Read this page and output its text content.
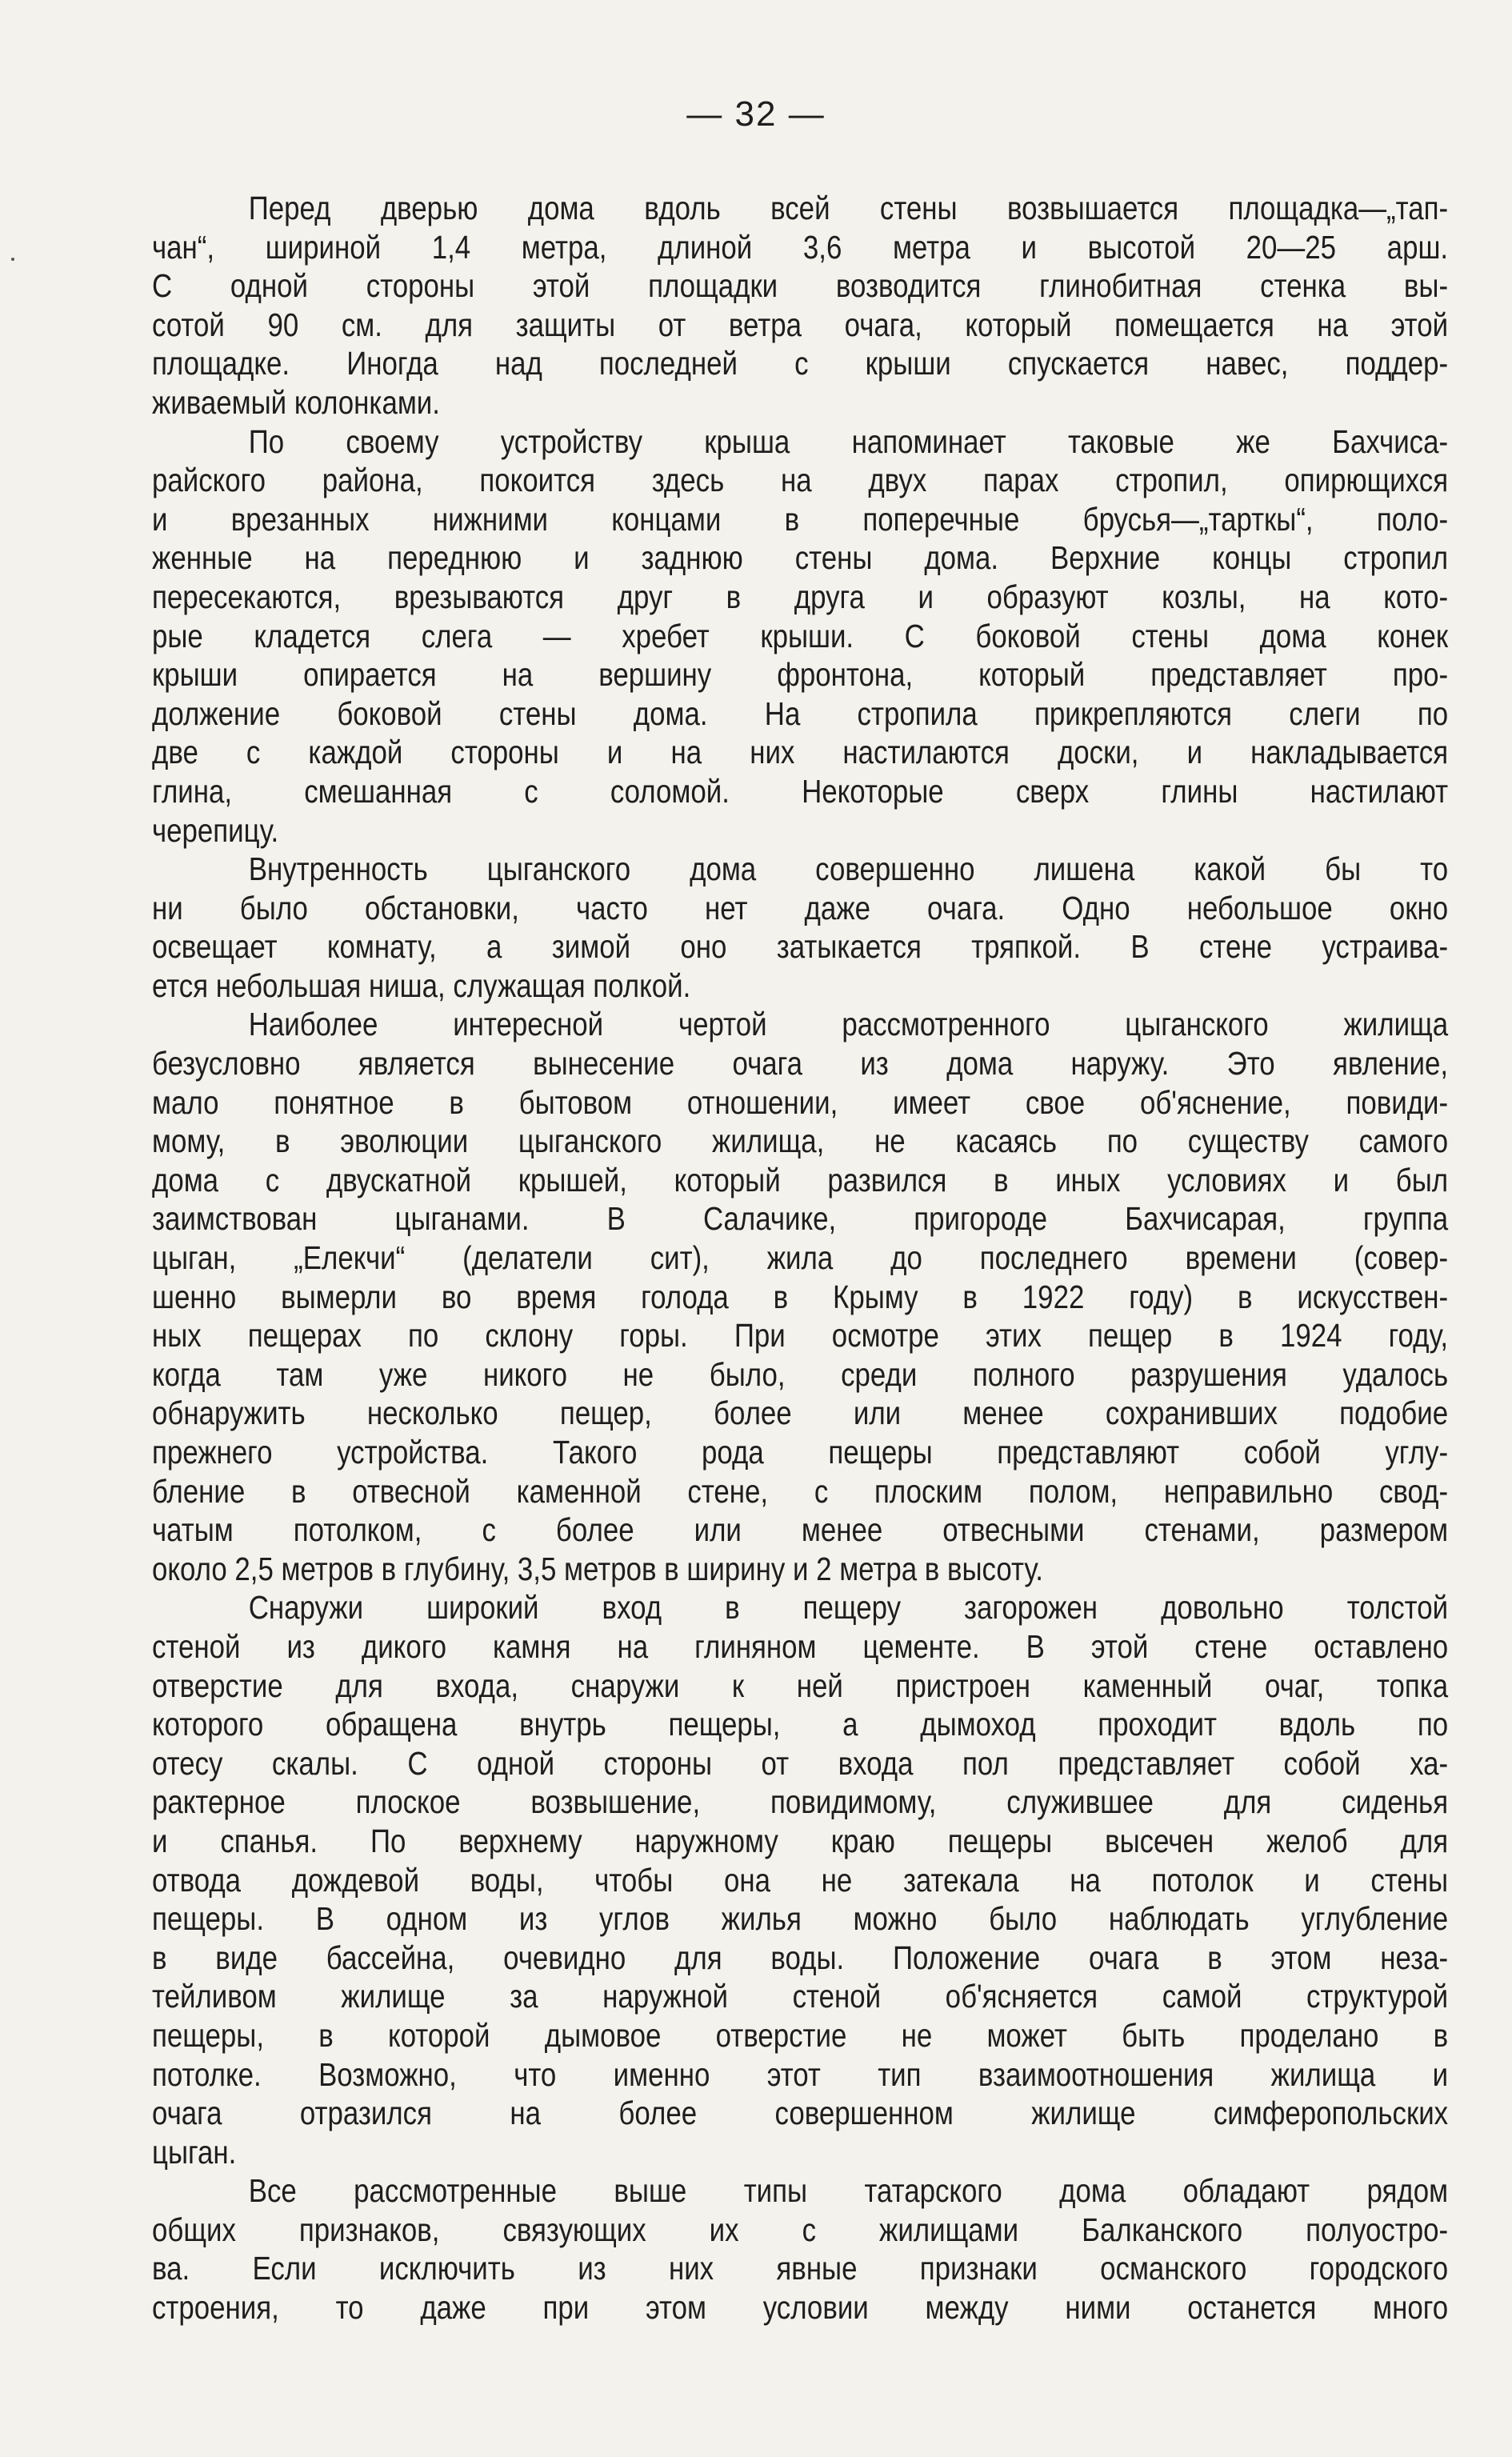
— 32 —
Перед дверью дома вдоль всей стены возвышается площадка—„тап-
чан“, шириной 1,4 метра, длиной 3,6 метра и высотой 20—25 арш.
С одной стороны этой площадки возводится глинобитная стенка вы-
сотой 90 см. для защиты от ветра очага, который помещается на этой
площадке. Иногда над последней с крыши спускается навес, поддер-
живаемый колонками.
По своему устройству крыша напоминает таковые же Бахчиса-
райского района, покоится здесь на двух парах стропил, опирющихся
и врезанных нижними концами в поперечные брусья—„тарткы“, поло-
женные на переднюю и заднюю стены дома. Верхние концы стропил
пересекаются, врезываются друг в друга и образуют козлы, на кото-
рые кладется слега — хребет крыши. С боковой стены дома конек
крыши опирается на вершину фронтона, который представляет про-
должение боковой стены дома. На стропила прикрепляются слеги по
две с каждой стороны и на них настилаются доски, и накладывается
глина, смешанная с соломой. Некоторые сверх глины настилают
черепицу.
Внутренность цыганского дома совершенно лишена какой бы то
ни было обстановки, часто нет даже очага. Одно небольшое окно
освещает комнату, а зимой оно затыкается тряпкой. В стене устраива-
ется небольшая ниша, служащая полкой.
Наиболее интересной чертой рассмотренного цыганского жилища
безусловно является вынесение очага из дома наружу. Это явление,
мало понятное в бытовом отношении, имеет свое об'яснение, повиди-
мому, в эволюции цыганского жилища, не касаясь по существу самого
дома с двускатной крышей, который развился в иных условиях и был
заимствован цыганами. В Салачике, пригороде Бахчисарая, группа
цыган, „Елекчи“ (делатели сит), жила до последнего времени (совер-
шенно вымерли во время голода в Крыму в 1922 году) в искусствен-
ных пещерах по склону горы. При осмотре этих пещер в 1924 году,
когда там уже никого не было, среди полного разрушения удалось
обнаружить несколько пещер, более или менее сохранивших подобие
прежнего устройства. Такого рода пещеры представляют собой углу-
бление в отвесной каменной стене, с плоским полом, неправильно свод-
чатым потолком, с более или менее отвесными стенами, размером
около 2,5 метров в глубину, 3,5 метров в ширину и 2 метра в высоту.
Снаружи широкий вход в пещеру загорожен довольно толстой
стеной из дикого камня на глиняном цементе. В этой стене оставлено
отверстие для входа, снаружи к ней пристроен каменный очаг, топка
которого обращена внутрь пещеры, а дымоход проходит вдоль по
отесу скалы. С одной стороны от входа пол представляет собой ха-
рактерное плоское возвышение, повидимому, служившее для сиденья
и спанья. По верхнему наружному краю пещеры высечен желоб для
отвода дождевой воды, чтобы она не затекала на потолок и стены
пещеры. В одном из углов жилья можно было наблюдать углубление
в виде бассейна, очевидно для воды. Положение очага в этом неза-
тейливом жилище за наружной стеной об'ясняется самой структурой
пещеры, в которой дымовое отверстие не может быть проделано в
потолке. Возможно, что именно этот тип взаимоотношения жилища и
очага отразился на более совершенном жилище симферопольских
цыган.
Все рассмотренные выше типы татарского дома обладают рядом
общих признаков, связующих их с жилищами Балканского полуостро-
ва. Если исключить из них явные признаки османского городского
строения, то даже при этом условии между ними останется много
